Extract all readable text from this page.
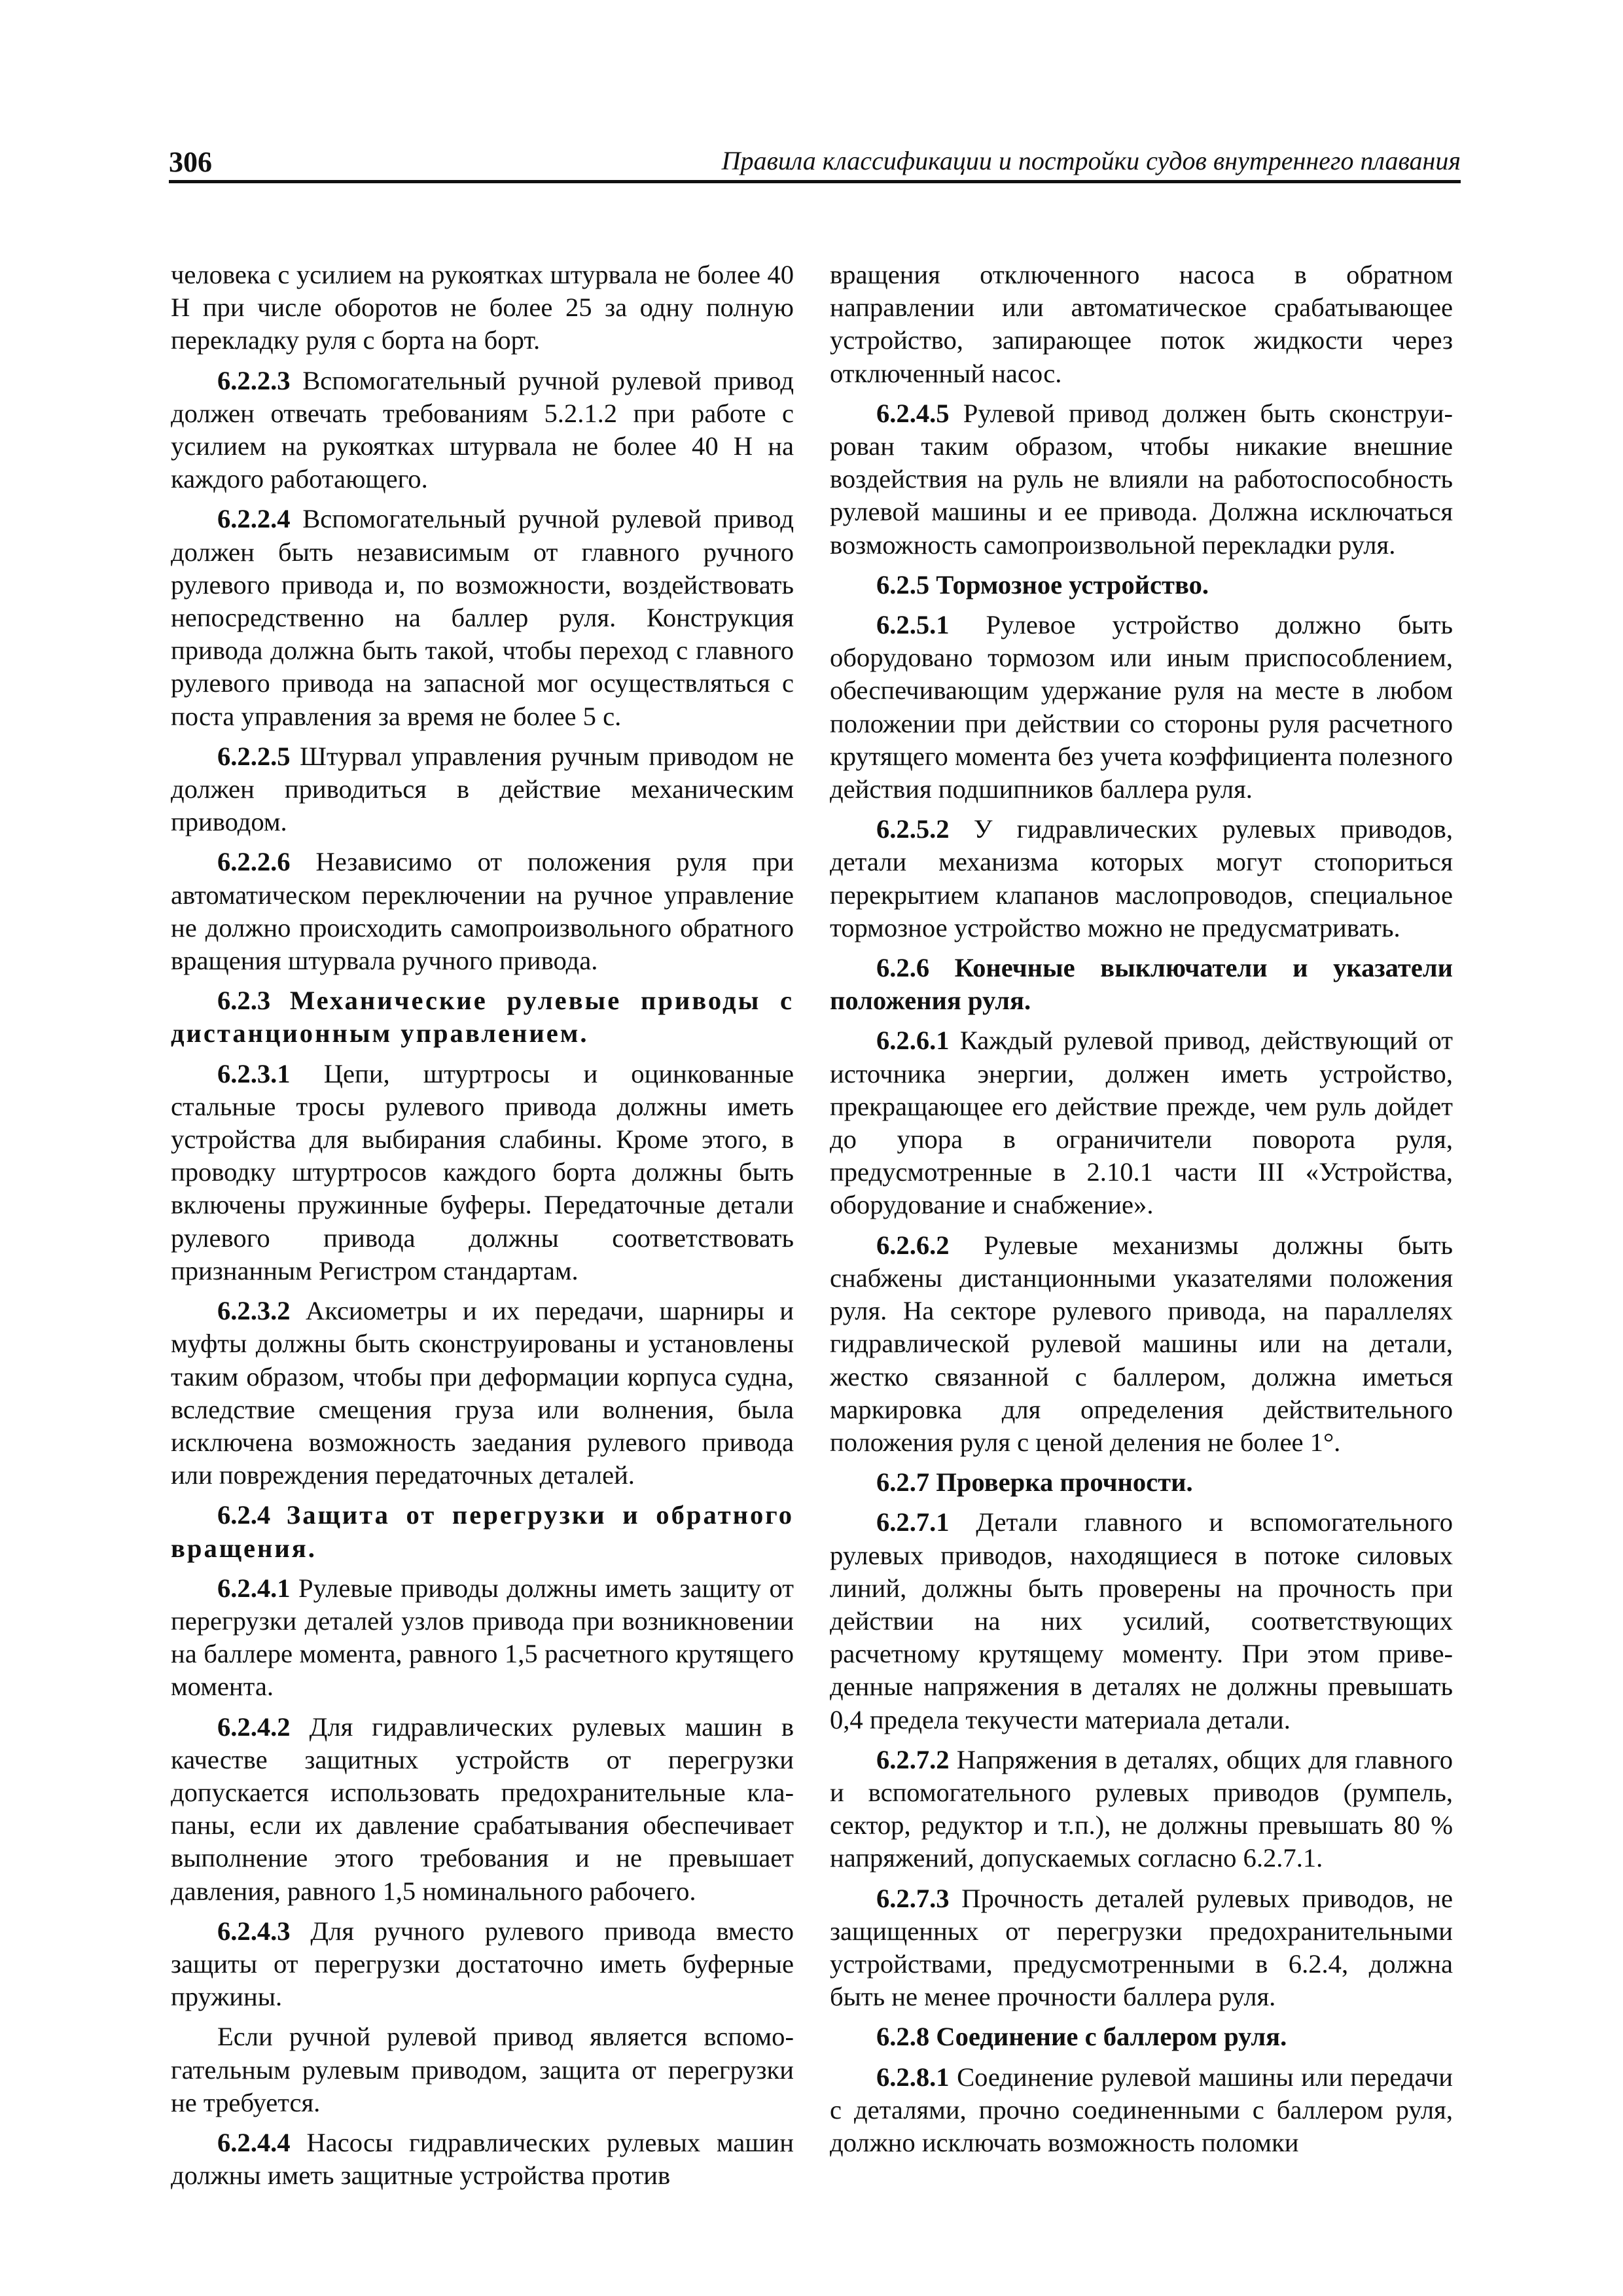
306	Правила классификации и постройки судов внутреннего плавания

человека с усилием на рукоятках штурвала не более 40 Н при числе оборотов не более 25 за одну полную перекладку руля с борта на борт.

6.2.2.3 Вспомогательный ручной рулевой привод должен отвечать требованиям 5.2.1.2 при работе с усилием на рукоятках штурвала не более 40 Н на каждого работающего.

6.2.2.4 Вспомогательный ручной рулевой привод должен быть независимым от главного ручного рулевого привода и, по возможности, воздействовать непосредственно на баллер руля. Конструкция привода должна быть такой, чтобы переход с главного рулевого привода на запасной мог осуществляться с поста управления за время не более 5 с.

6.2.2.5 Штурвал управления ручным приводом не должен приводиться в действие механическим приводом.

6.2.2.6 Независимо от положения руля при автоматическом переключении на ручное управление не должно происходить самопроизвольного обратного вращения штурвала ручного привода.

6.2.3 Механические рулевые приводы с дистанционным управлением.

6.2.3.1 Цепи, штуртросы и оцинкованные стальные тросы рулевого привода должны иметь устройства для выбирания слабины. Кроме этого, в проводку штуртросов каждого борта должны быть включены пружинные буферы. Передаточные детали рулевого привода должны соответствовать признанным Регистром стандартам.

6.2.3.2 Аксиометры и их передачи, шарниры и муфты должны быть сконструированы и установлены таким образом, чтобы при деформации корпуса судна, вследствие смещения груза или волнения, была исключена возможность заедания рулевого привода или повреждения передаточных деталей.

6.2.4 Защита от перегрузки и обратного вращения.

6.2.4.1 Рулевые приводы должны иметь защиту от перегрузки деталей узлов привода при возникновении на баллере момента, равного 1,5 расчетного крутящего момента.

6.2.4.2 Для гидравлических рулевых машин в качестве защитных устройств от перегрузки допускается использовать предохранительные клапаны, если их давление срабатывания обеспечивает выполнение этого требования и не превышает давления, равного 1,5 номинального рабочего.

6.2.4.3 Для ручного рулевого привода вместо защиты от перегрузки достаточно иметь буферные пружины.

Если ручной рулевой привод является вспомогательным рулевым приводом, защита от перегрузки не требуется.

6.2.4.4 Насосы гидравлических рулевых машин должны иметь защитные устройства против

вращения отключенного насоса в обратном направлении или автоматическое срабатывающее устройство, запирающее поток жидкости через отключенный насос.

6.2.4.5 Рулевой привод должен быть сконструирован таким образом, чтобы никакие внешние воздействия на руль не влияли на работоспособность рулевой машины и ее привода. Должна исключаться возможность самопроизвольной перекладки руля.

6.2.5 Тормозное устройство.

6.2.5.1 Рулевое устройство должно быть оборудовано тормозом или иным приспособлением, обеспечивающим удержание руля на месте в любом положении при действии со стороны руля расчетного крутящего момента без учета коэффициента полезного действия подшипников баллера руля.

6.2.5.2 У гидравлических рулевых приводов, детали механизма которых могут стопориться перекрытием клапанов маслопроводов, специальное тормозное устройство можно не предусматривать.

6.2.6 Конечные выключатели и указатели положения руля.

6.2.6.1 Каждый рулевой привод, действующий от источника энергии, должен иметь устройство, прекращающее его действие прежде, чем руль дойдет до упора в ограничители поворота руля, предусмотренные в 2.10.1 части III «Устройства, оборудование и снабжение».

6.2.6.2 Рулевые механизмы должны быть снабжены дистанционными указателями положения руля. На секторе рулевого привода, на параллелях гидравлической рулевой машины или на детали, жестко связанной с баллером, должна иметься маркировка для определения действительного положения руля с ценой деления не более 1°.

6.2.7 Проверка прочности.

6.2.7.1 Детали главного и вспомогательного рулевых приводов, находящиеся в потоке силовых линий, должны быть проверены на прочность при действии на них усилий, соответствующих расчетному крутящему моменту. При этом приведенные напряжения в деталях не должны превышать 0,4 предела текучести материала детали.

6.2.7.2 Напряжения в деталях, общих для главного и вспомогательного рулевых приводов (румпель, сектор, редуктор и т.п.), не должны превышать 80 % напряжений, допускаемых согласно 6.2.7.1.

6.2.7.3 Прочность деталей рулевых приводов, не защищенных от перегрузки предохранительными устройствами, предусмотренными в 6.2.4, должна быть не менее прочности баллера руля.

6.2.8 Соединение с баллером руля.

6.2.8.1 Соединение рулевой машины или передачи с деталями, прочно соединенными с баллером руля, должно исключать возможность поломки
